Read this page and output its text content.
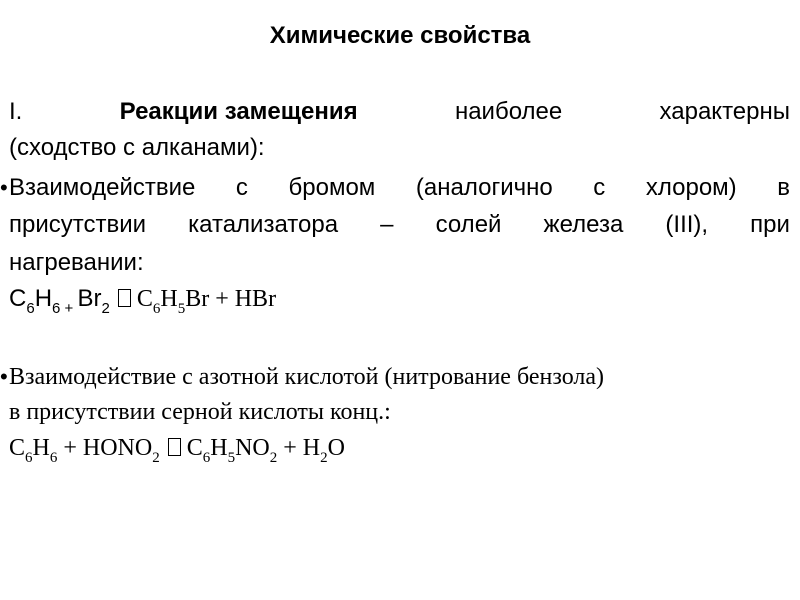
Химические свойства
I.	Реакции замещения	наиболее	характерны
(сходство с алканами):
• Взаимодействие с бромом (аналогично с хлором) в
присутствии катализатора – солей железа (III), при
нагревании:
$C_6H_6$ $_+$ $Br_2$ $C_6H_5Br$ + HBr
• Взаимодействие с азотной кислотой (нитрование бензола)
в присутствии серной кислоты конц.:
$C_6H_6$ + $HONO_2$ $C_6H_5NO_2 + H_2O$
